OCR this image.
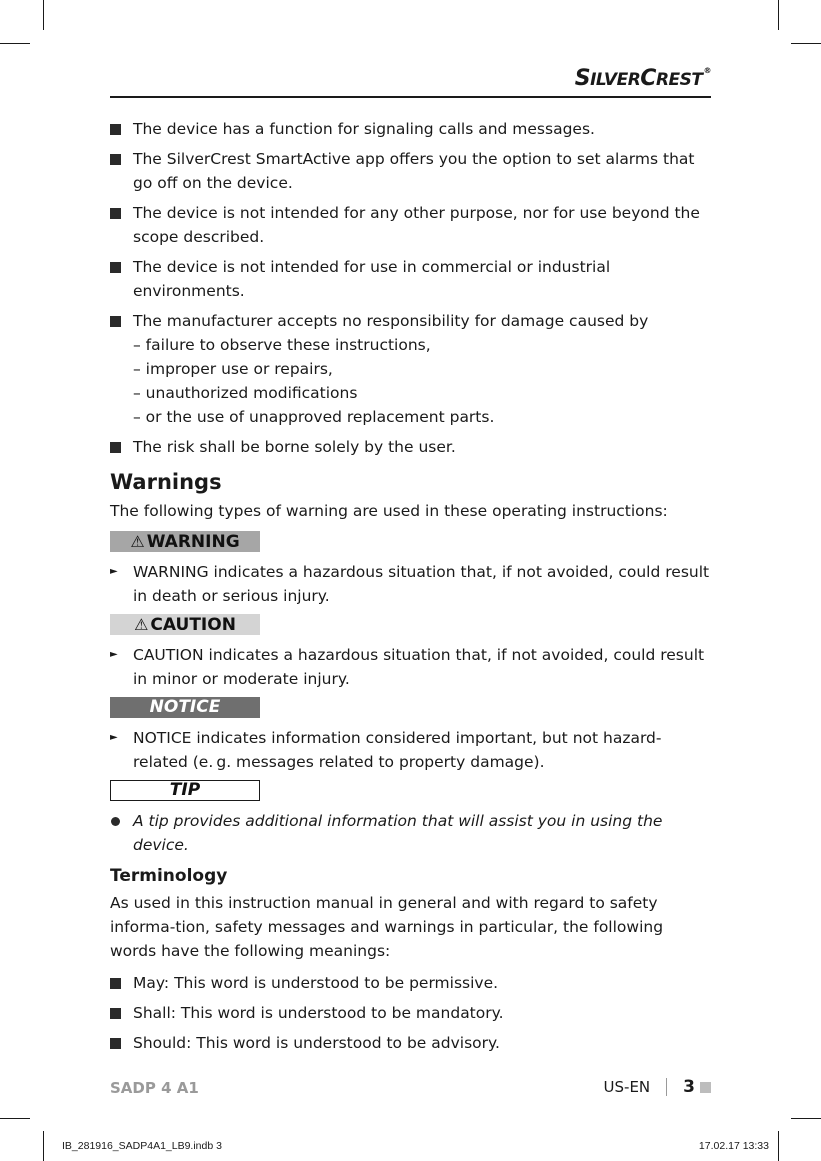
SILVERCREST®
The device has a function for signaling calls and messages.
The SilverCrest SmartActive app offers you the option to set alarms that go off on the device.
The device is not intended for any other purpose, nor for use beyond the scope described.
The device is not intended for use in commercial or industrial environments.
The manufacturer accepts no responsibility for damage caused by
– failure to observe these instructions,
– improper use or repairs,
– unauthorized modifications
– or the use of unapproved replacement parts.
The risk shall be borne solely by the user.
Warnings
The following types of warning are used in these operating instructions:
⚠ WARNING
► WARNING indicates a hazardous situation that, if not avoided, could result in death or serious injury.
⚠ CAUTION
► CAUTION indicates a hazardous situation that, if not avoided, could result in minor or moderate injury.
NOTICE
► NOTICE indicates information considered important, but not hazard-related (e. g. messages related to property damage).
TIP
A tip provides additional information that will assist you in using the device.
Terminology
As used in this instruction manual in general and with regard to safety informa-tion, safety messages and warnings in particular, the following words have the following meanings:
May: This word is understood to be permissive.
Shall: This word is understood to be mandatory.
Should: This word is understood to be advisory.
SADP 4 A1	US-EN 3
IB_281916_SADP4A1_LB9.indb 3	17.02.17 13:33
